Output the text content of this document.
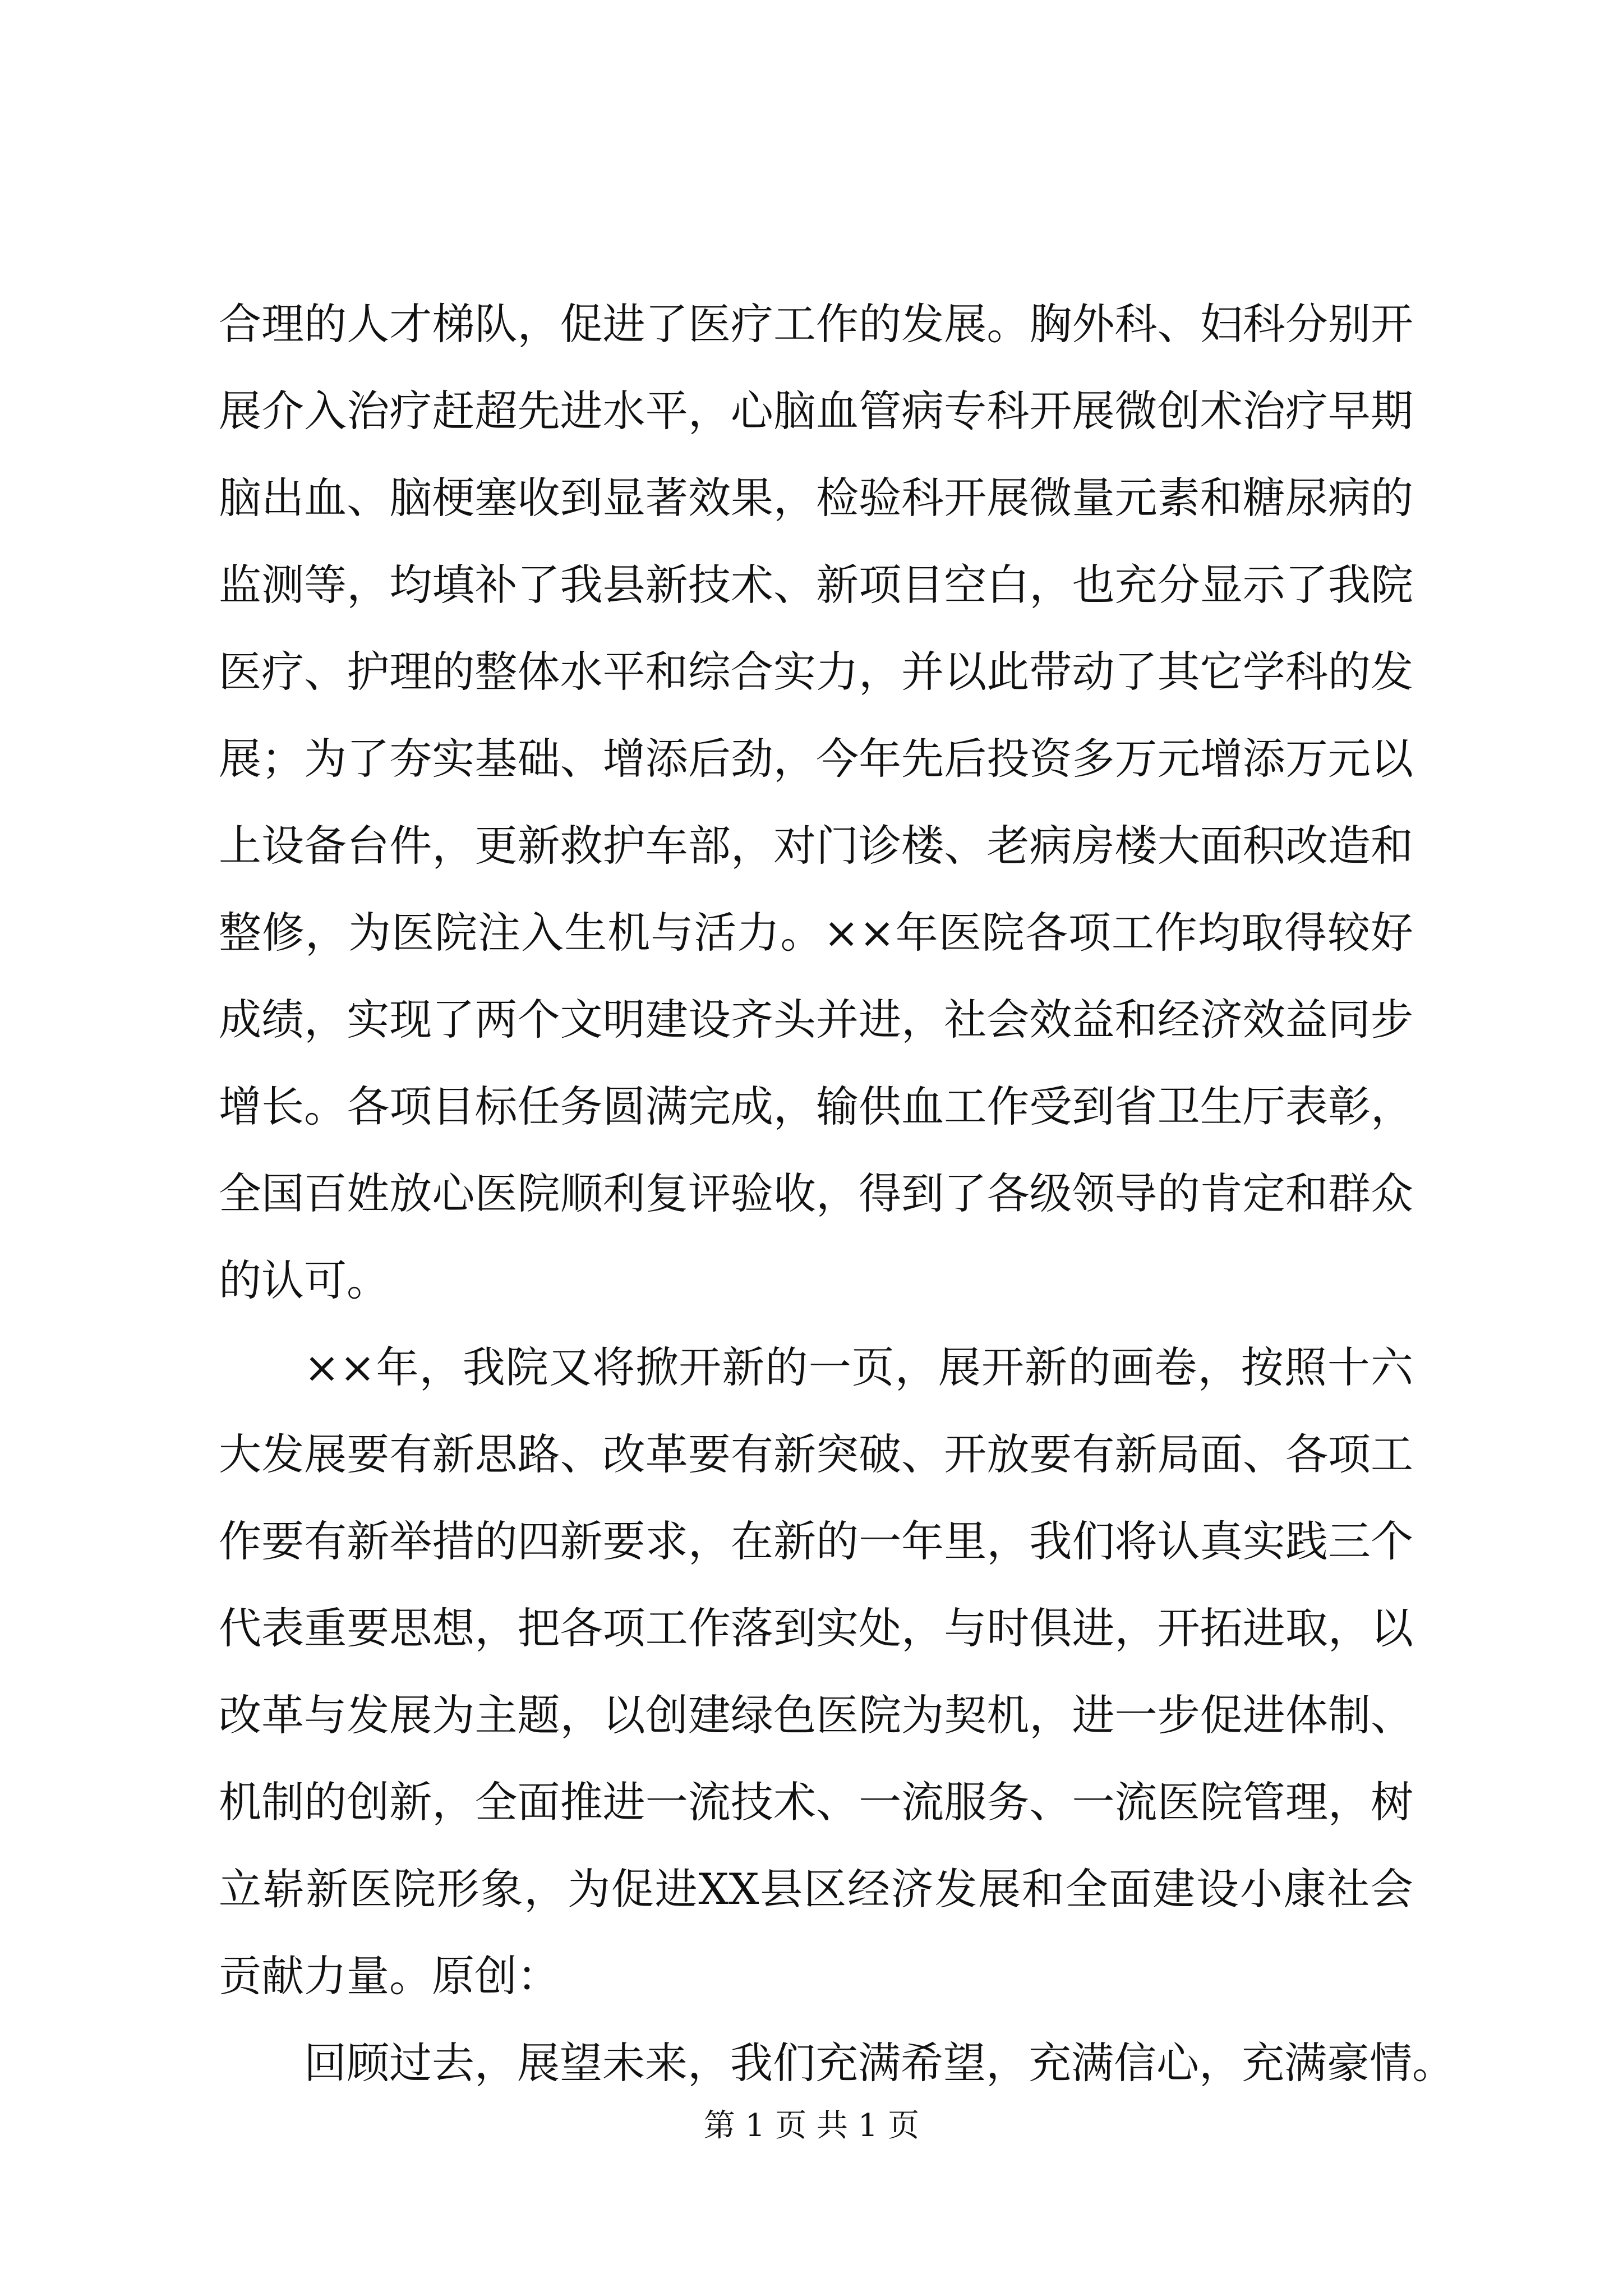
合理的人才梯队，促进了医疗工作的发展。胸外科、妇科分别开
展介入治疗赶超先进水平，心脑血管病专科开展微创术治疗早期
脑出血、脑梗塞收到显著效果，检验科开展微量元素和糖尿病的
监测等，均填补了我县新技术、新项目空白，也充分显示了我院
医疗、护理的整体水平和综合实力，并以此带动了其它学科的发
展；为了夯实基础、增添后劲，今年先后投资多万元增添万元以
上设备台件，更新救护车部，对门诊楼、老病房楼大面积改造和
整修，为医院注入生机与活力。××年医院各项工作均取得较好
成绩，实现了两个文明建设齐头并进，社会效益和经济效益同步
增长。各项目标任务圆满完成，输供血工作受到省卫生厅表彰，
全国百姓放心医院顺利复评验收，得到了各级领导的肯定和群众
的认可。
××年，我院又将掀开新的一页，展开新的画卷，按照十六
大发展要有新思路、改革要有新突破、开放要有新局面、各项工
作要有新举措的四新要求，在新的一年里，我们将认真实践三个
代表重要思想，把各项工作落到实处，与时俱进，开拓进取，以
改革与发展为主题，以创建绿色医院为契机，进一步促进体制、
机制的创新，全面推进一流技术、一流服务、一流医院管理，树
立崭新医院形象，为促进XX县区经济发展和全面建设小康社会
贡献力量。原创：
回顾过去，展望未来，我们充满希望，充满信心，充满豪情。
第 1 页 共 1 页
